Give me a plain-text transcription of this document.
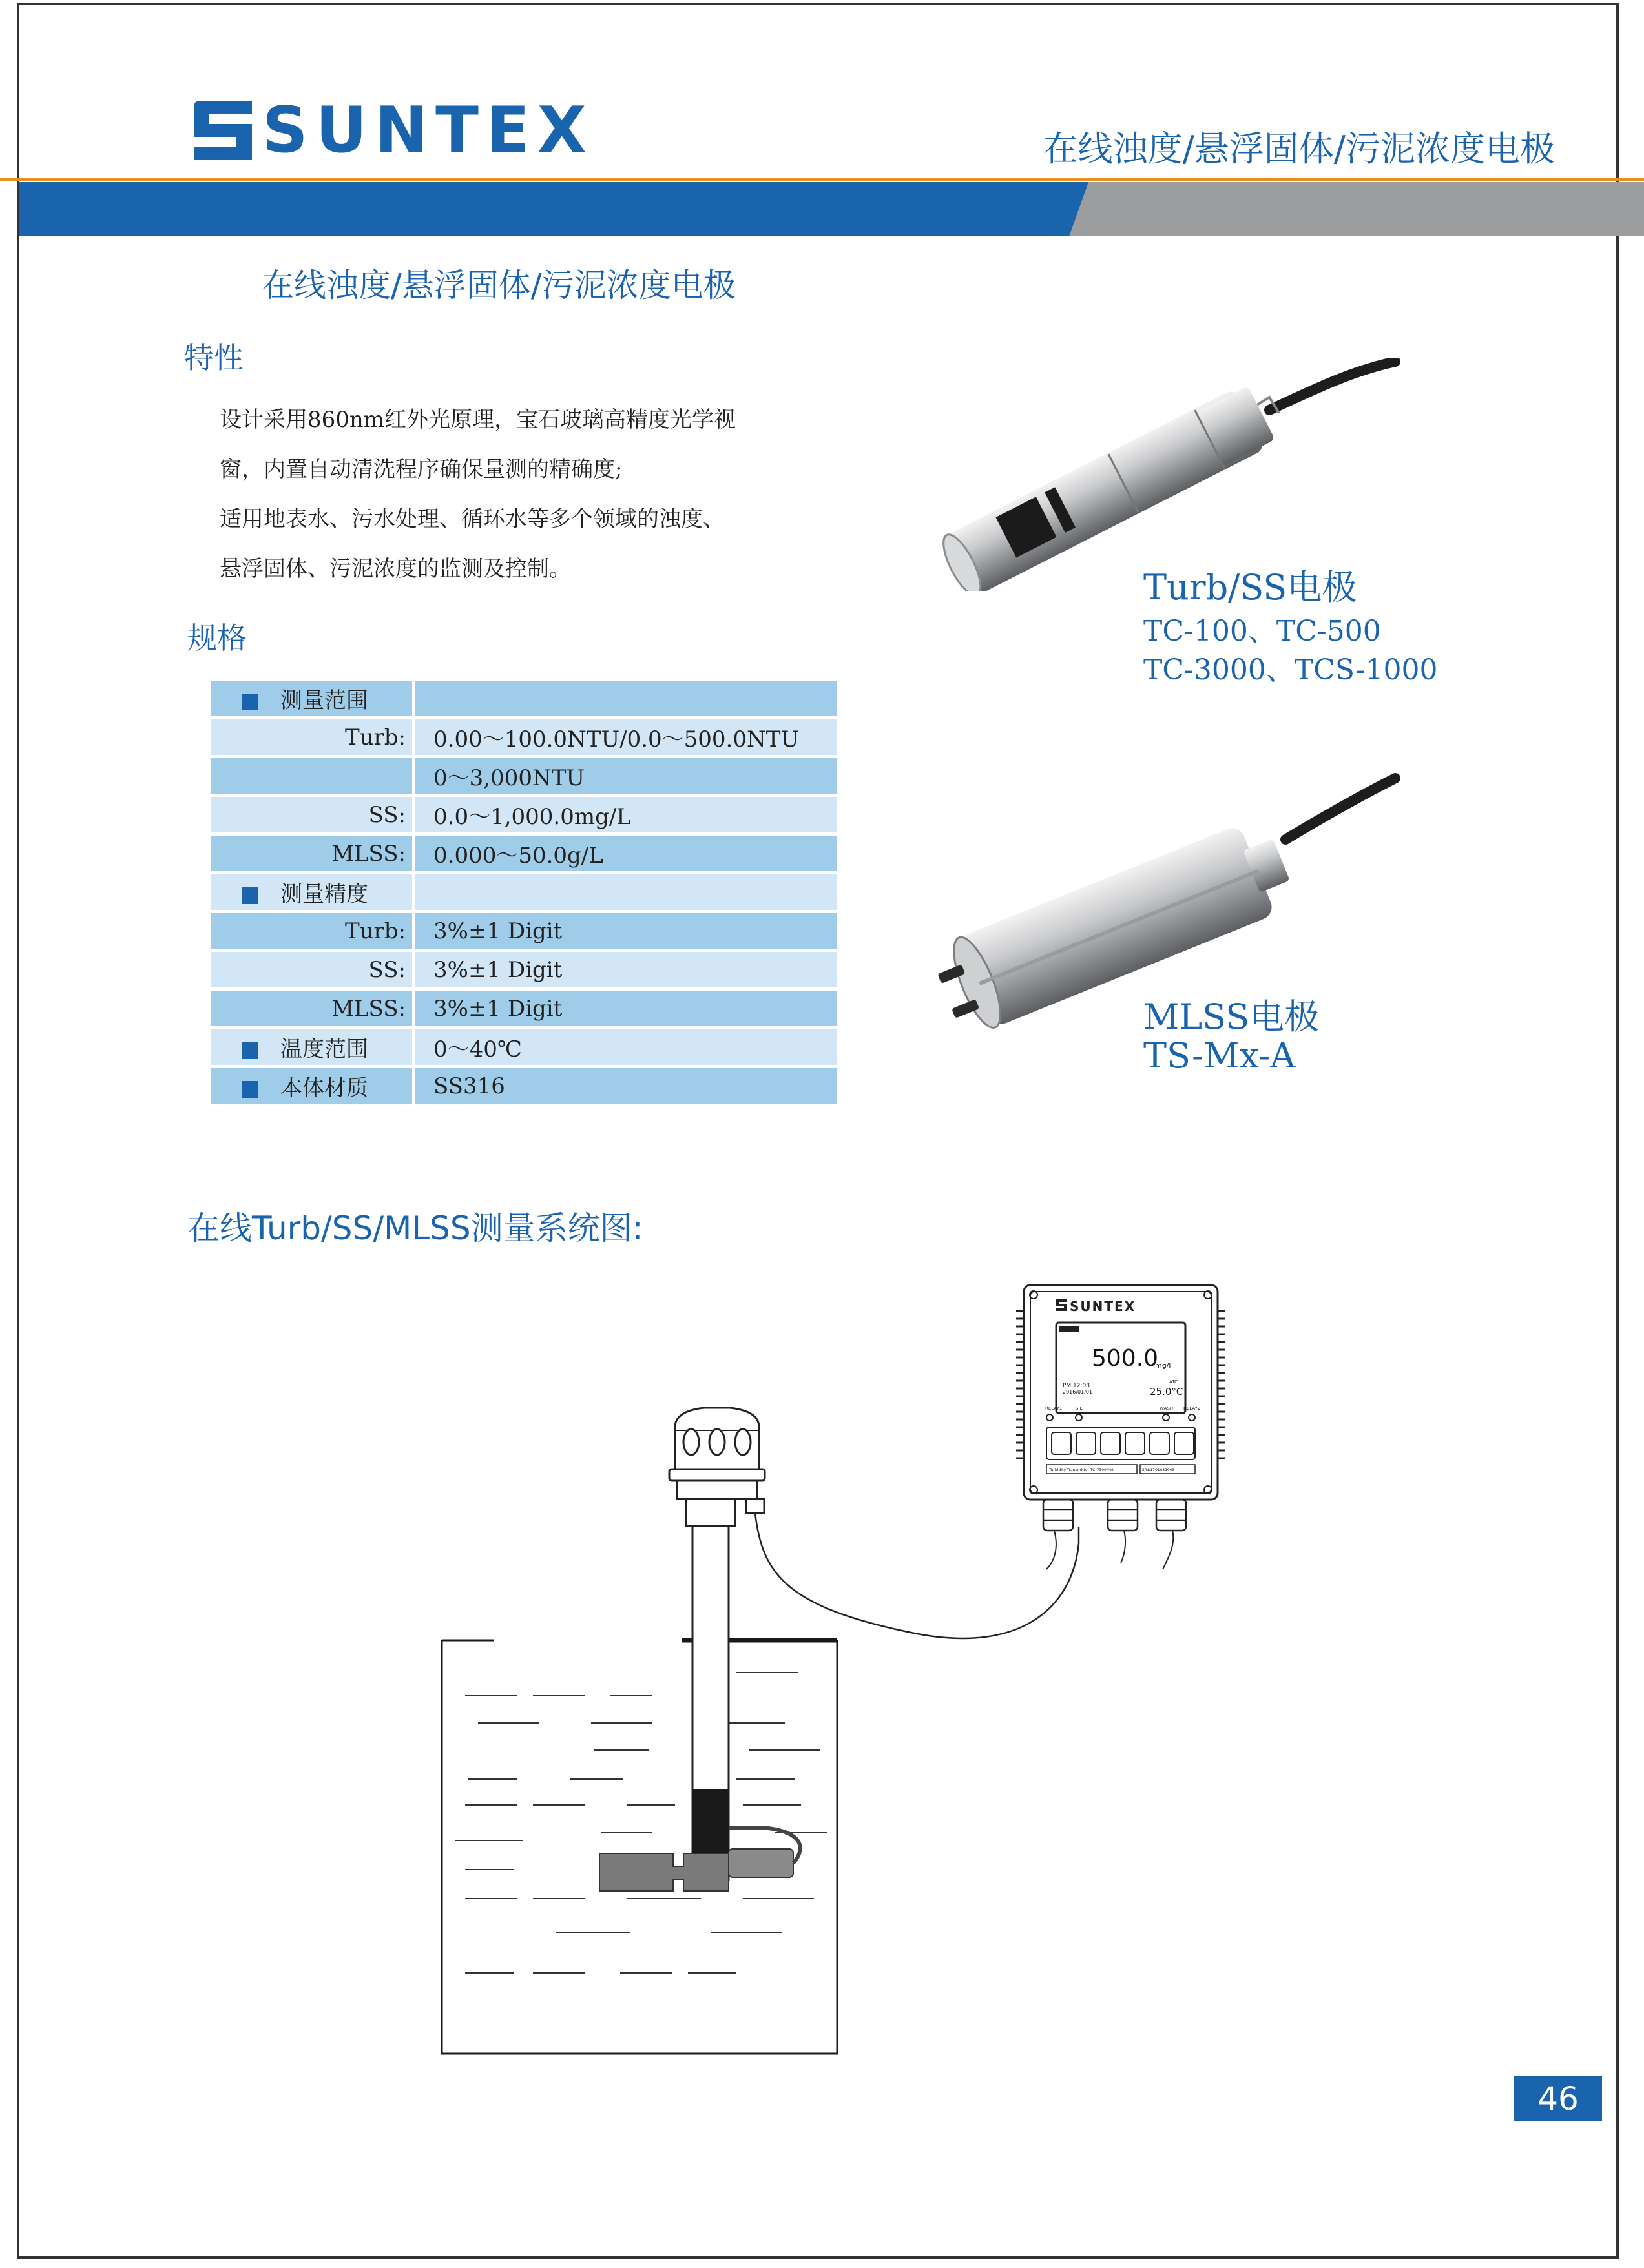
SUNTEX	在线浊度/悬浮固体/污泥浓度电极
在线浊度/悬浮固体/污泥浓度电极
特性
设计采用860nm红外光原理，宝石玻璃高精度光学视
窗，内置自动清洗程序确保量测的精确度;
适用地表水、污水处理、循环水等多个领域的浊度、
悬浮固体、污泥浓度的监测及控制。
规格
测量范围	
Turb:	0.00～100.0NTU/0.0～500.0NTU
	0～3,000NTU
SS:	0.0～1,000.0mg/L
MLSS:	0.000～50.0g/L
测量精度	
Turb:	3%±1 Digit
SS:	3%±1 Digit
MLSS:	3%±1 Digit
温度范围	0～40℃
本体材质	SS316
Turb/SS电极
TC-100、TC-500
TC-3000、TCS-1000
MLSS电极
TS-Mx-A
在线Turb/SS/MLSS测量系统图:
SUNTEX
500.0
mg/l
PM 12:08
2016/01/01
ATC
25.0°C
RELAY1	S.L.	WASH RELAY2
Turbidity Transmitter TC-7300/MS	S/N:1701031005
46
